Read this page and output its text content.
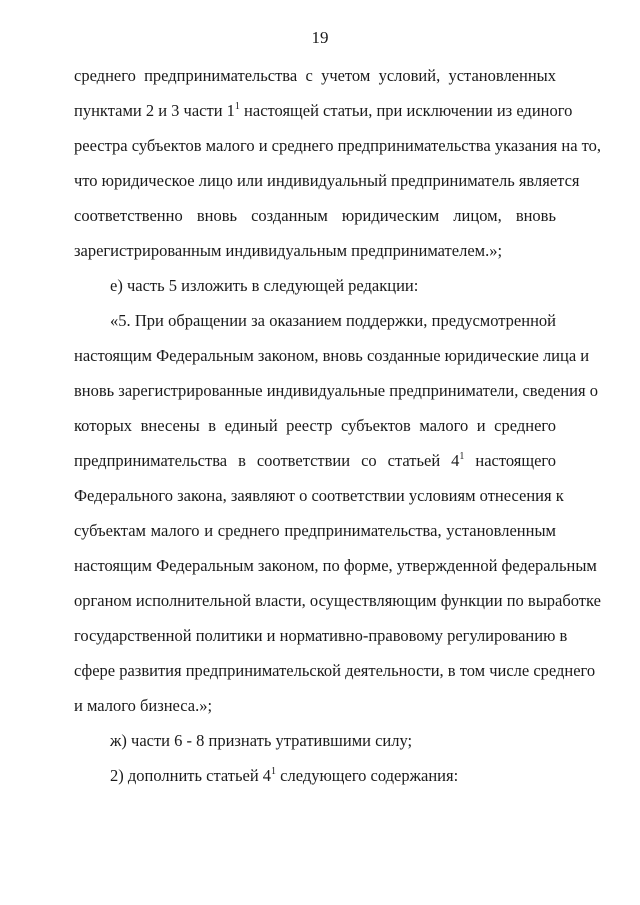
19
среднего предпринимательства с учетом условий, установленных
пунктами 2 и 3 части $1^1$ настоящей статьи, при исключении из единого
реестра субъектов малого и среднего предпринимательства указания на то,
что юридическое лицо или индивидуальный предприниматель является
соответственно вновь созданным юридическим лицом, вновь
зарегистрированным индивидуальным предпринимателем.»;
е) часть 5 изложить в следующей редакции:
«5. При обращении за оказанием поддержки, предусмотренной
настоящим Федеральным законом, вновь созданные юридические лица и
вновь зарегистрированные индивидуальные предприниматели, сведения о
которых внесены в единый реестр субъектов малого и среднего
предпринимательства в соответствии со статьей $4^1$ настоящего
Федерального закона, заявляют о соответствии условиям отнесения к
субъектам малого и среднего предпринимательства, установленным
настоящим Федеральным законом, по форме, утвержденной федеральным
органом исполнительной власти, осуществляющим функции по выработке
государственной политики и нормативно-правовому регулированию в
сфере развития предпринимательской деятельности, в том числе среднего
и малого бизнеса.»;
ж) части 6 - 8 признать утратившими силу;
2) дополнить статьей $4^1$ следующего содержания:
